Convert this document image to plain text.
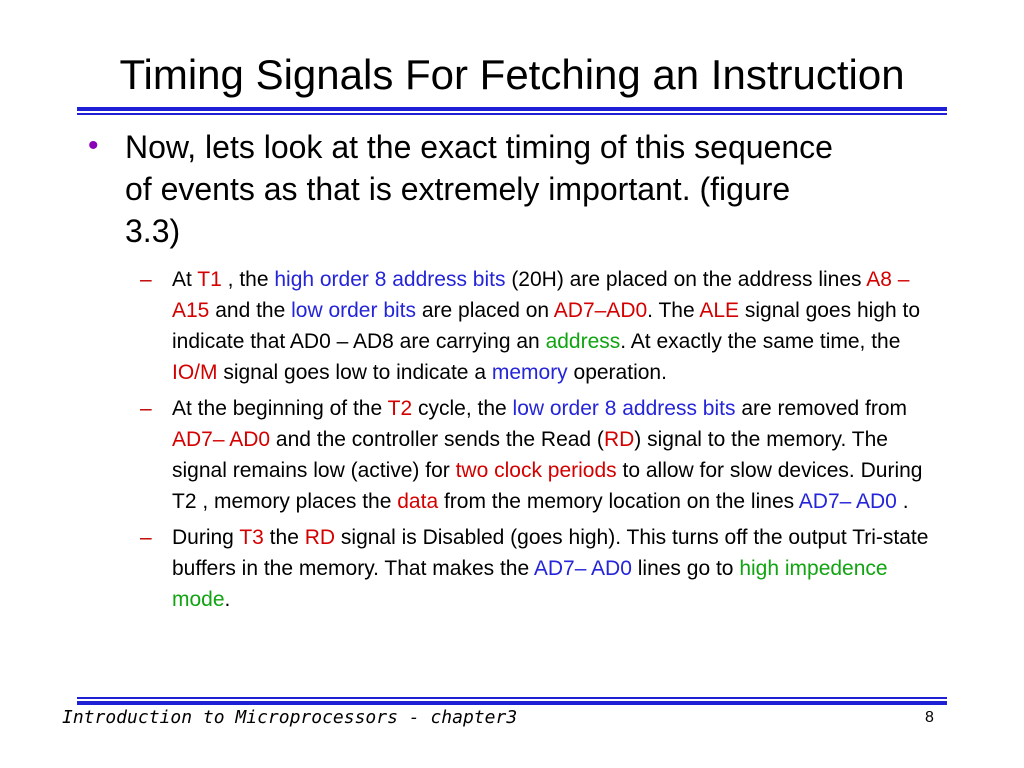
Timing Signals For Fetching an Instruction
• Now, lets look at the exact timing of this sequence of events as that is extremely important. (figure 3.3)
– At T1 , the high order 8 address bits (20H) are placed on the address lines A8 – A15 and the low order bits are placed on AD7–AD0. The ALE signal goes high to indicate that AD0 – AD8 are carrying an address. At exactly the same time, the IO/M signal goes low to indicate a memory operation.
– At the beginning of the T2 cycle, the low order 8 address bits are removed from AD7– AD0 and the controller sends the Read (RD) signal to the memory. The signal remains low (active) for two clock periods to allow for slow devices. During T2 , memory places the data from the memory location on the lines AD7– AD0 .
– During T3 the RD signal is Disabled (goes high). This turns off the output Tri-state buffers in the memory. That makes the AD7– AD0 lines go to high impedence mode.
Introduction to Microprocessors - chapter3	8
